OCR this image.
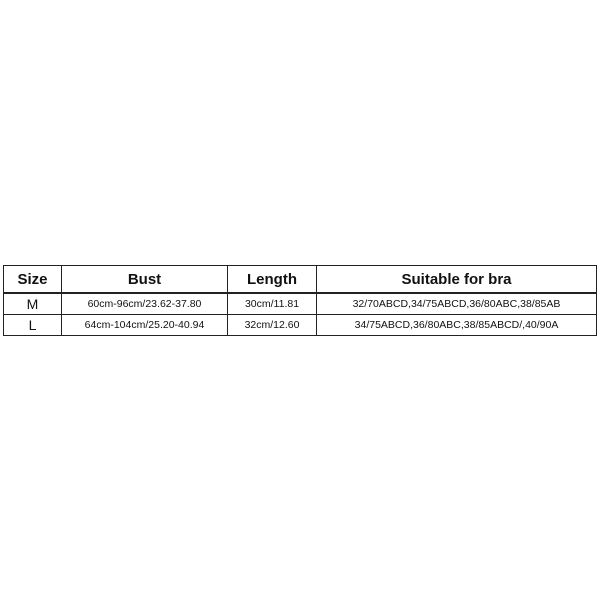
Size	Bust	Length	Suitable for bra
M	60cm-96cm/23.62-37.80	30cm/11.81	32/70ABCD,34/75ABCD,36/80ABC,38/85AB
L	64cm-104cm/25.20-40.94	32cm/12.60	34/75ABCD,36/80ABC,38/85ABCD/,40/90A
